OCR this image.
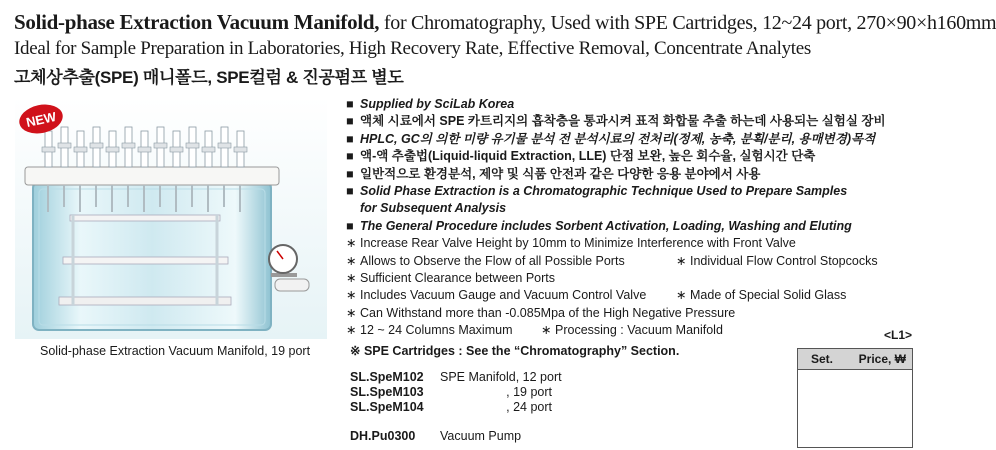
Solid-phase Extraction Vacuum Manifold, for Chromatography, Used with SPE Cartridges, 12~24 port, 270×90×h160mm
Ideal for Sample Preparation in Laboratories, High Recovery Rate, Effective Removal, Concentrate Analytes
고체상추출(SPE) 매니폴드, SPE컬럼 & 진공펌프 별도
NEW
Solid-phase Extraction Vacuum Manifold, 19 port
■ Supplied by SciLab Korea
■ 액체 시료에서 SPE 카트리지의 흡착층을 통과시켜 표적 화합물 추출 하는데 사용되는 실험실 장비
■ HPLC, GC의 의한 미량 유기물 분석 전 분석시료의 전처리(정제, 농축, 분획/분리, 용매변경)목적
■ 액-액 추출법(Liquid-liquid Extraction, LLE) 단점 보완, 높은 회수율, 실험시간 단축
■ 일반적으로 환경분석, 제약 및 식품 안전과 같은 다양한 응용 분야에서 사용
■ Solid Phase Extraction is a Chromatographic Technique Used to Prepare Samples
for Subsequent Analysis
■ The General Procedure includes Sorbent Activation, Loading, Washing and Eluting
∗ Increase Rear Valve Height by 10mm to Minimize Interference with Front Valve
∗ Allows to Observe the Flow of all Possible Ports	∗ Individual Flow Control Stopcocks
∗ Sufficient Clearance between Ports
∗ Includes Vacuum Gauge and Vacuum Control Valve ∗ Made of Special Solid Glass
∗ Can Withstand more than -0.085Mpa of the High Negative Pressure
∗ 12 ~ 24 Columns Maximum ∗ Processing : Vacuum Manifold
※ SPE Cartridges : See the “Chromatography” Section.
SL.SpeM102 SPE Manifold, 12 port
SL.SpeM103	, 19 port
SL.SpeM104	, 24 port
DH.Pu0300 Vacuum Pump
<L1>
Set. Price, ₩
